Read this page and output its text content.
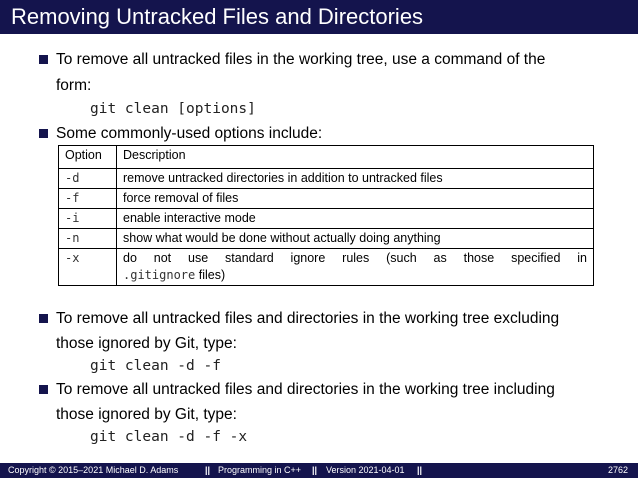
Removing Untracked Files and Directories
To remove all untracked files in the working tree, use a command of the
form:
git clean [options]
Some commonly-used options include:
Option	Description

-d	remove untracked directories in addition to untracked files
-f	force removal of files
-i	enable interactive mode
-n	show what would be done without actually doing anything
-x	do not use standard ignore rules (such as those specified in
.gitignore files)
To remove all untracked files and directories in the working tree excluding
those ignored by Git, type:
git clean -d -f
To remove all untracked files and directories in the working tree including
those ignored by Git, type:
git clean -d -f -x
Copyright © 2015–2021 Michael D. Adams	|| Programming in C++ || Version 2021-04-01 ||	2762
